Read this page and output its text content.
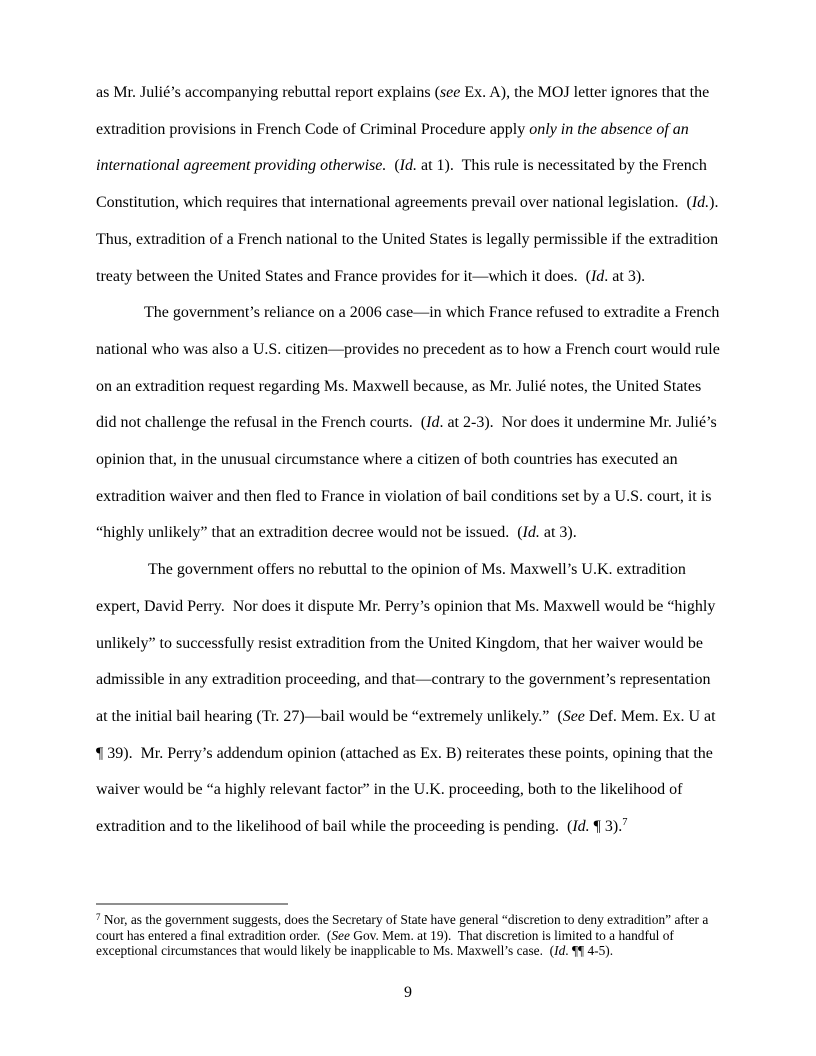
as Mr. Julié’s accompanying rebuttal report explains (see Ex. A), the MOJ letter ignores that the extradition provisions in French Code of Criminal Procedure apply only in the absence of an international agreement providing otherwise.  (Id. at 1).  This rule is necessitated by the French Constitution, which requires that international agreements prevail over national legislation.  (Id.).  Thus, extradition of a French national to the United States is legally permissible if the extradition treaty between the United States and France provides for it—which it does.  (Id. at 3).

The government’s reliance on a 2006 case—in which France refused to extradite a French national who was also a U.S. citizen—provides no precedent as to how a French court would rule on an extradition request regarding Ms. Maxwell because, as Mr. Julié notes, the United States did not challenge the refusal in the French courts.  (Id. at 2-3).  Nor does it undermine Mr. Julié’s opinion that, in the unusual circumstance where a citizen of both countries has executed an extradition waiver and then fled to France in violation of bail conditions set by a U.S. court, it is “highly unlikely” that an extradition decree would not be issued.  (Id. at 3).

The government offers no rebuttal to the opinion of Ms. Maxwell’s U.K. extradition expert, David Perry.  Nor does it dispute Mr. Perry’s opinion that Ms. Maxwell would be “highly unlikely” to successfully resist extradition from the United Kingdom, that her waiver would be admissible in any extradition proceeding, and that—contrary to the government’s representation at the initial bail hearing (Tr. 27)—bail would be “extremely unlikely.”  (See Def. Mem. Ex. U at ¶ 39).  Mr. Perry’s addendum opinion (attached as Ex. B) reiterates these points, opining that the waiver would be “a highly relevant factor” in the U.K. proceeding, both to the likelihood of extradition and to the likelihood of bail while the proceeding is pending.  (Id. ¶ 3).$^7$

$^7$ Nor, as the government suggests, does the Secretary of State have general “discretion to deny extradition” after a court has entered a final extradition order.  (See Gov. Mem. at 19).  That discretion is limited to a handful of exceptional circumstances that would likely be inapplicable to Ms. Maxwell’s case.  (Id. ¶¶ 4-5).

9
